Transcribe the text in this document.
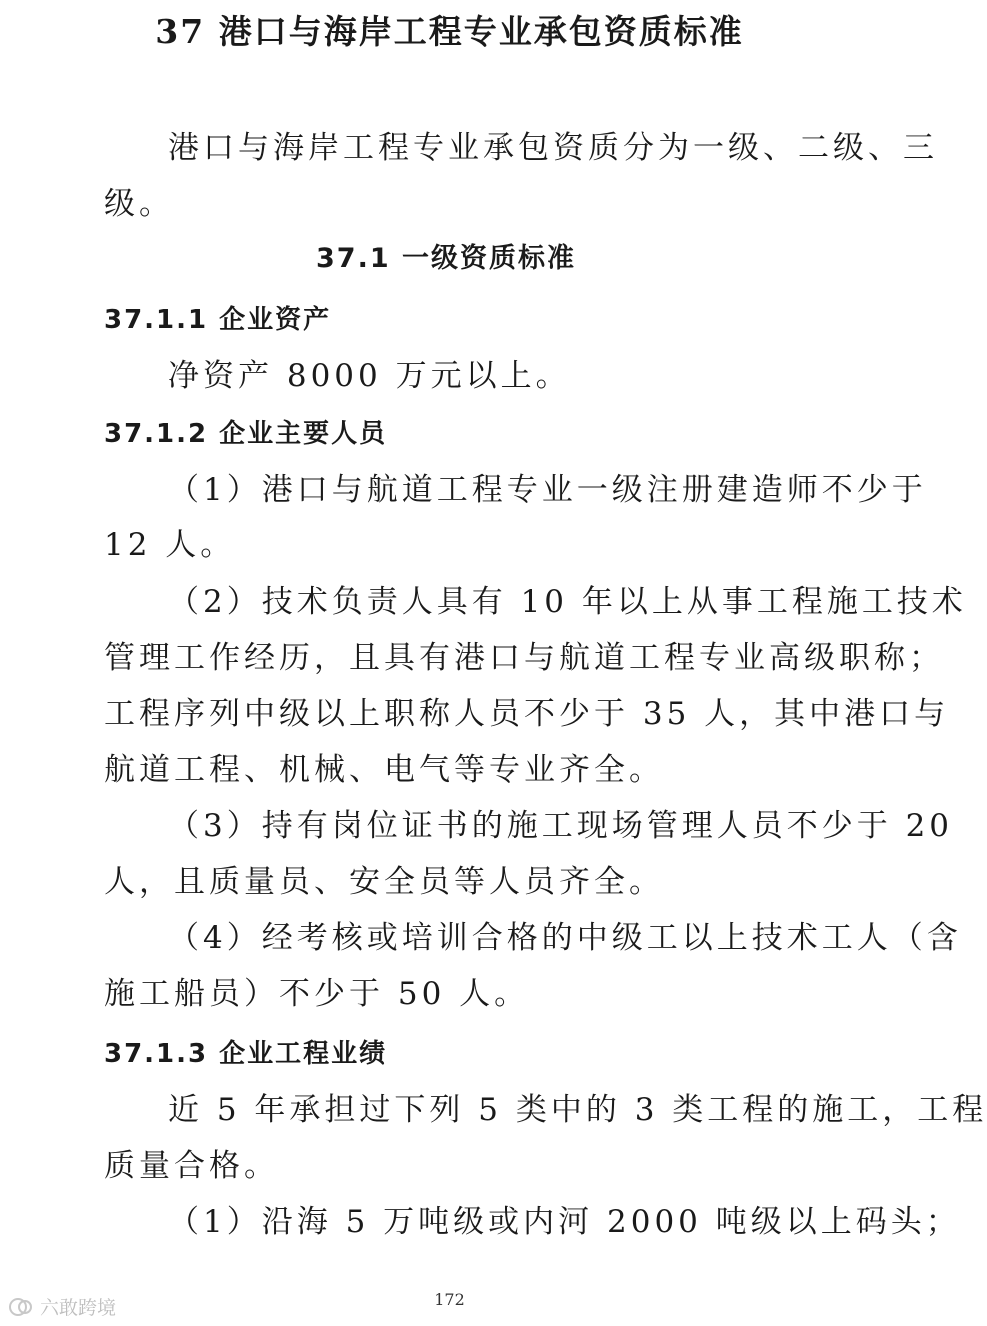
37 港口与海岸工程专业承包资质标准
港口与海岸工程专业承包资质分为一级、二级、三
级。
37.1 一级资质标准
37.1.1 企业资产
净资产 8000 万元以上。
37.1.2 企业主要人员
（1）港口与航道工程专业一级注册建造师不少于
12 人。
（2）技术负责人具有 10 年以上从事工程施工技术
管理工作经历，且具有港口与航道工程专业高级职称；
工程序列中级以上职称人员不少于 35 人，其中港口与
航道工程、机械、电气等专业齐全。
（3）持有岗位证书的施工现场管理人员不少于 20
人，且质量员、安全员等人员齐全。
（4）经考核或培训合格的中级工以上技术工人（含
施工船员）不少于 50 人。
37.1.3 企业工程业绩
近 5 年承担过下列 5 类中的 3 类工程的施工，工程
质量合格。
（1）沿海 5 万吨级或内河 2000 吨级以上码头；
172
六敢跨境
